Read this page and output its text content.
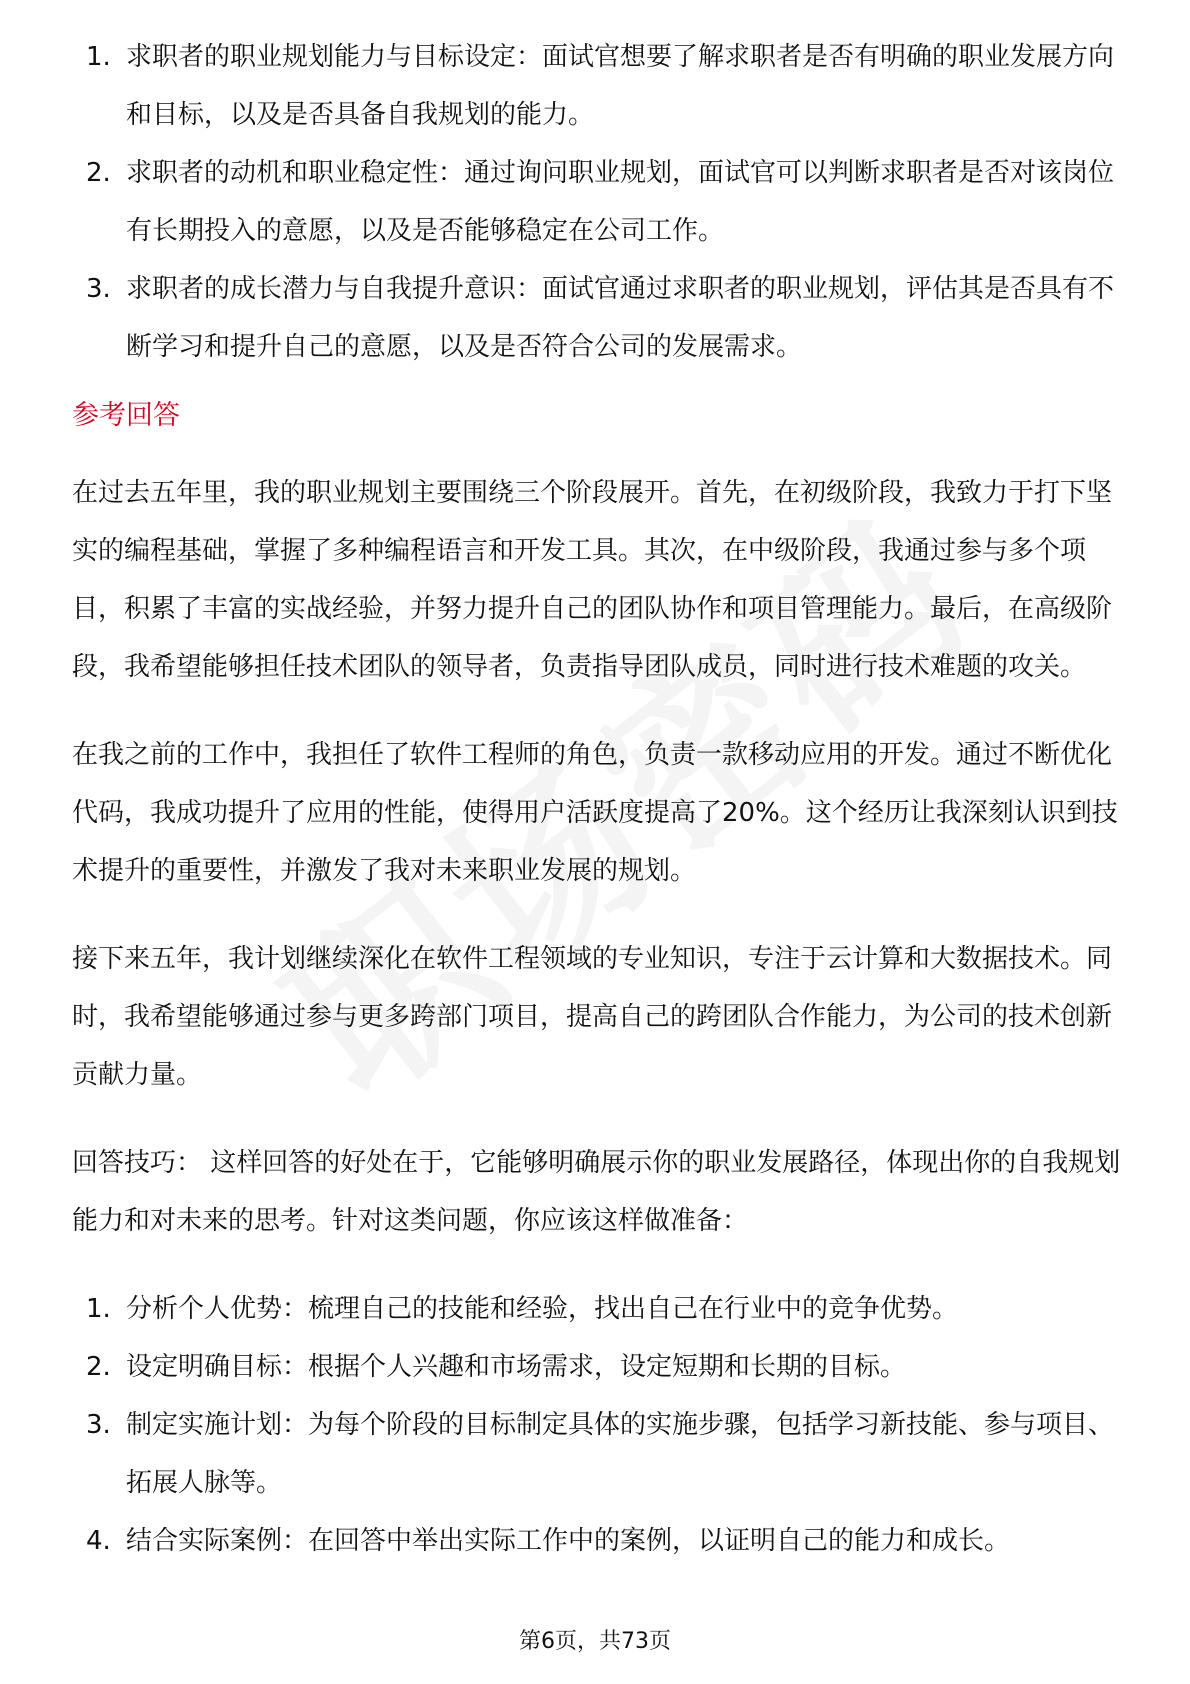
1. 求职者的职业规划能力与目标设定：面试官想要了解求职者是否有明确的职业发展方向和目标，以及是否具备自我规划的能力。
2. 求职者的动机和职业稳定性：通过询问职业规划，面试官可以判断求职者是否对该岗位有长期投入的意愿，以及是否能够稳定在公司工作。
3. 求职者的成长潜力与自我提升意识：面试官通过求职者的职业规划，评估其是否具有不断学习和提升自己的意愿，以及是否符合公司的发展需求。
参考回答

在过去五年里，我的职业规划主要围绕三个阶段展开。首先，在初级阶段，我致力于打下坚实的编程基础，掌握了多种编程语言和开发工具。其次，在中级阶段，我通过参与多个项目，积累了丰富的实战经验，并努力提升自己的团队协作和项目管理能力。最后，在高级阶段，我希望能够担任技术团队的领导者，负责指导团队成员，同时进行技术难题的攻关。

在我之前的工作中，我担任了软件工程师的角色，负责一款移动应用的开发。通过不断优化代码，我成功提升了应用的性能，使得用户活跃度提高了20%。这个经历让我深刻认识到技术提升的重要性，并激发了我对未来职业发展的规划。

接下来五年，我计划继续深化在软件工程领域的专业知识，专注于云计算和大数据技术。同时，我希望能够通过参与更多跨部门项目，提高自己的跨团队合作能力，为公司的技术创新贡献力量。

回答技巧： 这样回答的好处在于，它能够明确展示你的职业发展路径，体现出你的自我规划能力和对未来的思考。针对这类问题，你应该这样做准备：

1. 分析个人优势：梳理自己的技能和经验，找出自己在行业中的竞争优势。
2. 设定明确目标：根据个人兴趣和市场需求，设定短期和长期的目标。
3. 制定实施计划：为每个阶段的目标制定具体的实施步骤，包括学习新技能、参与项目、拓展人脉等。
4. 结合实际案例：在回答中举出实际工作中的案例，以证明自己的能力和成长。
第6页，共73页
